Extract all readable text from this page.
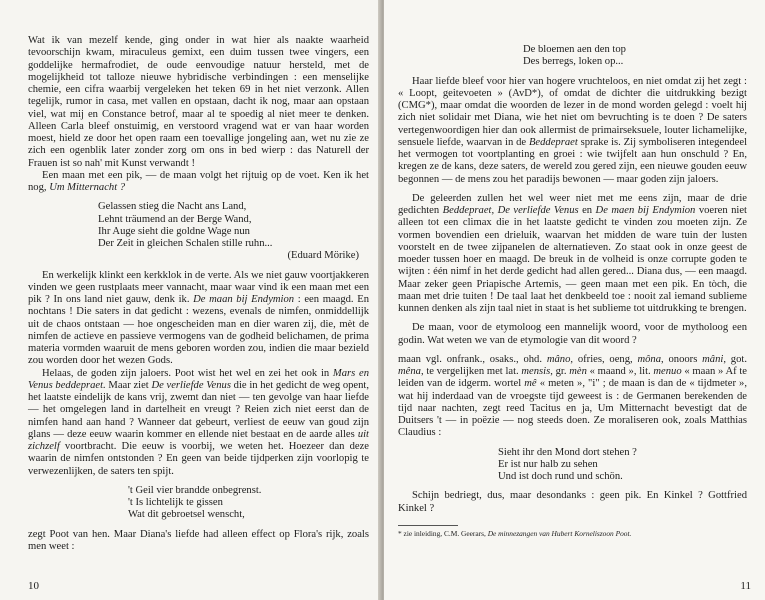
Wat ik van mezelf kende, ging onder in wat hier als naakte waarheid tevoorschijn kwam, miraculeus gemixt, een duim tussen twee vingers, een goddelijke hermafrodiet, de oude eenvoudige natuur hersteld, met de mogelijkheid tot talloze nieuwe hybridische verbindingen : een menselijke chemie, een cifra waarbij vergeleken het teken 69 in het niet verzonk. Allen tegelijk, rumor in casa, met vallen en opstaan, dacht ik nog, maar aan opstaan viel, wat mij en Constance betrof, maar al te spoedig al niet meer te denken. Alleen Carla bleef onstuimig, en verstoord vragend wat er van haar worden moest, hield ze door het open raam een toevallige jongeling aan, wet nu zie ze zich een ogenblik later zonder zorg om ons in bed wierp : das Naturell der Frauen ist so nah' mit Kunst verwandt !

Een maan met een pik, — de maan volgt het rijtuig op de voet. Ken ik het nog, Um Mitternacht ?

Gelassen stieg die Nacht ans Land,
Lehnt träumend an der Berge Wand,
Ihr Auge sieht die goldne Wage nun
Der Zeit in gleichen Schalen stille ruhn...
(Eduard Mörike)

En werkelijk klinkt een kerkklok in de verte. Als we niet gauw voortjakkeren vinden we geen rustplaats meer vannacht, maar waar vind ik een maan met een pik ? In ons land niet gauw, denk ik. De maan bij Endymion : een maagd. En nochtans ! Die saters in dat gedicht : wezens, evenals de nimfen, onmiddellijk uit de chaos ontstaan — hoe ongescheiden man en dier waren zij, die, mèt de nimfen de actieve en passieve vermogens van de godheid belichamen, de prima materia vormden waaruit de mens geboren worden zou, indien die maar bezield zou worden door het wezen Gods.

Helaas, de goden zijn jaloers. Poot wist het wel en zei het ook in Mars en Venus beddepraet. Maar ziet De verliefde Venus die in het gedicht de weg opent, het laatste eindelijk de kans vrij, zwemt dan niet — ten gevolge van haar liefde — het omgelegen land in dartelheit en vreugt ? Reien zich niet eerst dan de nimfen hand aan hand ? Wanneer dat gebeurt, verliest de eeuw van goud zijn glans — deze eeuw waarin kommer en ellende niet bestaat en de aarde alles uit zichzelf voortbracht. Die eeuw is voorbij, we weten het. Hoezeer dan deze waarin de nimfen ontstonden ? En geen van beide tijdperken zijn voorlopig te verwezenlijken, de saters ten spijt.

't Geil vier brandde onbegrenst.
't Is lichtelijk te gissen
Wat dit gebroetsel wenscht,

zegt Poot van hen. Maar Diana's liefde had alleen effect op Flora's rijk, zoals men weet :

10
De bloemen aen den top
Des berregs, loken op...

Haar liefde bleef voor hier van hogere vruchteloos, en niet omdat zij het zegt : « Loopt, geitevoeten » (AvD*), of omdat de dichter die uitdrukking bezigt (CMG*), maar omdat die woorden de lezer in de mond worden gelegd : voelt hij zich niet solidair met Diana, wie het niet om bevruchting is te doen ? De saters vertegenwoordigen hier dan ook allermist de primairseksuele, louter lichamelijke, sensuele liefde, waarvan in de Beddepraet sprake is. Zij symboliseren integendeel het vermogen tot voortplanting en groei : wie twijfelt aan hun onschuld ? En, kregen ze de kans, deze saters, de wereld zou gered zijn, een nieuwe gouden eeuw begonnen — de mens zou het paradijs bewonen — maar goden zijn jaloers.

De geleerden zullen het wel weer niet met me eens zijn, maar de drie gedichten Beddepraet, De verliefde Venus en De maen bij Endymion voeren niet alleen tot een climax die in het laatste gedicht te vinden zou moeten zijn. Ze vormen bovendien een drieluik, waarvan het midden de ware tuin der lusten voorstelt en de twee zijpanelen de alternatieven. Zo staat ook in onze geest de moeder tussen hoer en maagd. De breuk in de volheid is onze corrupte goden te wijten : één nimf in het derde gedicht had allen gered... Diana dus, — een maagd. Maar zeker geen Priapische Artemis, — geen maan met een pik. En tòch, die maan met drie tuiten ! De taal laat het denkbeeld toe : nooit zal iemand sublieme kunnen denken als zijn taal niet in staat is het sublieme tot uitdrukking te brengen.

De maan, voor de etymoloog een mannelijk woord, voor de mytholoog een godin. Wat weten we van de etymologie van dit woord ?

maan vgl. onfrank., osaks., ohd. mâno, ofries, oeng, môna, onoors mâni, got. mêna, te vergelijken met lat. mensis, gr. mèn « maand », lit. menuo « maan » Af te leiden van de idgerm. wortel mê « meten », "i" ; de maan is dan de « tijdmeter », wat hij inderdaad van de vroegste tijd geweest is : de Germanen berekenden de tijd naar nachten, zegt reed Tacitus en ja, Um Mitternacht bevestigt dat de Duitsers 't — in poëzie — nog steeds doen. Ze moraliseren ook, zoals Matthias Claudius :

Sieht ihr den Mond dort stehen ?
Er ist nur halb zu sehen
Und ist doch rund und schön.

Schijn bedriegt, dus, maar desondanks : geen pik. En Kinkel ? Gottfried Kinkel ?

* zie inleiding, C.M. Geerars, De minnezangen van Hubert Korneliszoon Poot.
11
